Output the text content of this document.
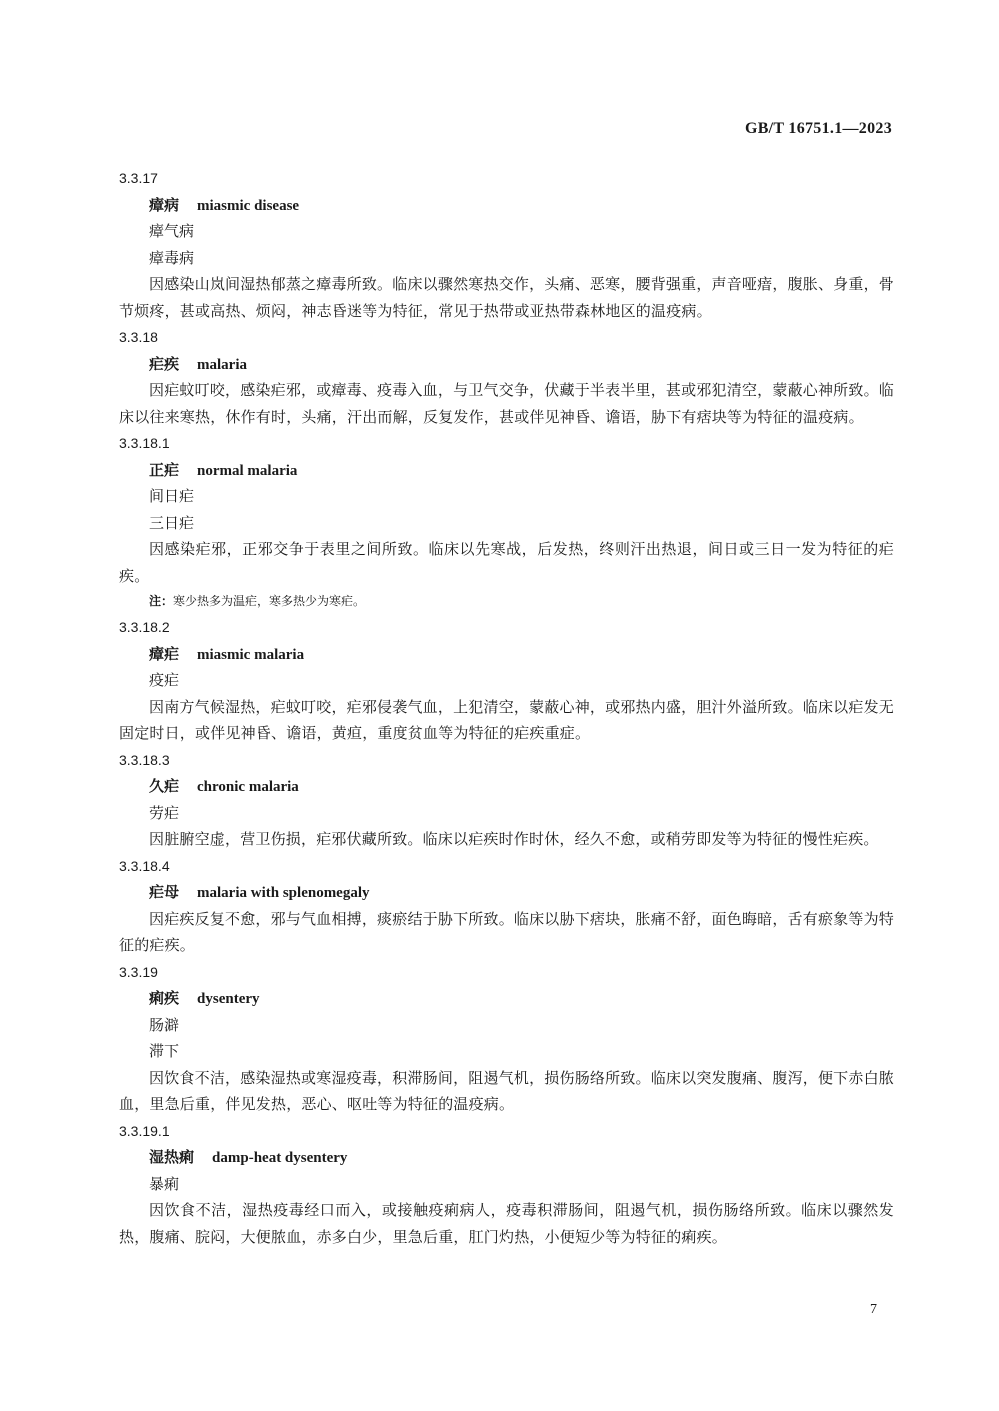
GB/T 16751.1—2023
3.3.17
瘴病 miasmic disease
瘴气病
瘴毒病

因感染山岚间湿热郁蒸之瘴毒所致。临床以骤然寒热交作，头痛、恶寒，腰背强重，声音哑瘖，腹胀、身重，骨节烦疼，甚或高热、烦闷，神志昏迷等为特征，常见于热带或亚热带森林地区的温疫病。

3.3.18
疟疾 malaria

因疟蚊叮咬，感染疟邪，或瘴毒、疫毒入血，与卫气交争，伏藏于半表半里，甚或邪犯清空，蒙蔽心神所致。临床以往来寒热，休作有时，头痛，汗出而解，反复发作，甚或伴见神昏、谵语，胁下有痞块等为特征的温疫病。

3.3.18.1
正疟 normal malaria
间日疟
三日疟

因感染疟邪，正邪交争于表里之间所致。临床以先寒战，后发热，终则汗出热退，间日或三日一发为特征的疟疾。

注：寒少热多为温疟，寒多热少为寒疟。
3.3.18.2
瘴疟 miasmic malaria
疫疟

因南方气候湿热，疟蚊叮咬，疟邪侵袭气血，上犯清空，蒙蔽心神，或邪热内盛，胆汁外溢所致。临床以疟发无固定时日，或伴见神昏、谵语，黄疸，重度贫血等为特征的疟疾重症。

3.3.18.3
久疟 chronic malaria
劳疟

因脏腑空虚，营卫伤损，疟邪伏藏所致。临床以疟疾时作时休，经久不愈，或稍劳即发等为特征的慢性疟疾。

3.3.18.4
疟母 malaria with splenomegaly

因疟疾反复不愈，邪与气血相搏，痰瘀结于胁下所致。临床以胁下痞块，胀痛不舒，面色晦暗，舌有瘀象等为特征的疟疾。

3.3.19
痢疾 dysentery
肠澼
滞下

因饮食不洁，感染湿热或寒湿疫毒，积滞肠间，阻遏气机，损伤肠络所致。临床以突发腹痛、腹泻，便下赤白脓血，里急后重，伴见发热，恶心、呕吐等为特征的温疫病。

3.3.19.1
湿热痢 damp-heat dysentery
暴痢

因饮食不洁，湿热疫毒经口而入，或接触疫痢病人，疫毒积滞肠间，阻遏气机，损伤肠络所致。临床以骤然发热，腹痛、脘闷，大便脓血，赤多白少，里急后重，肛门灼热，小便短少等为特征的痢疾。

7
